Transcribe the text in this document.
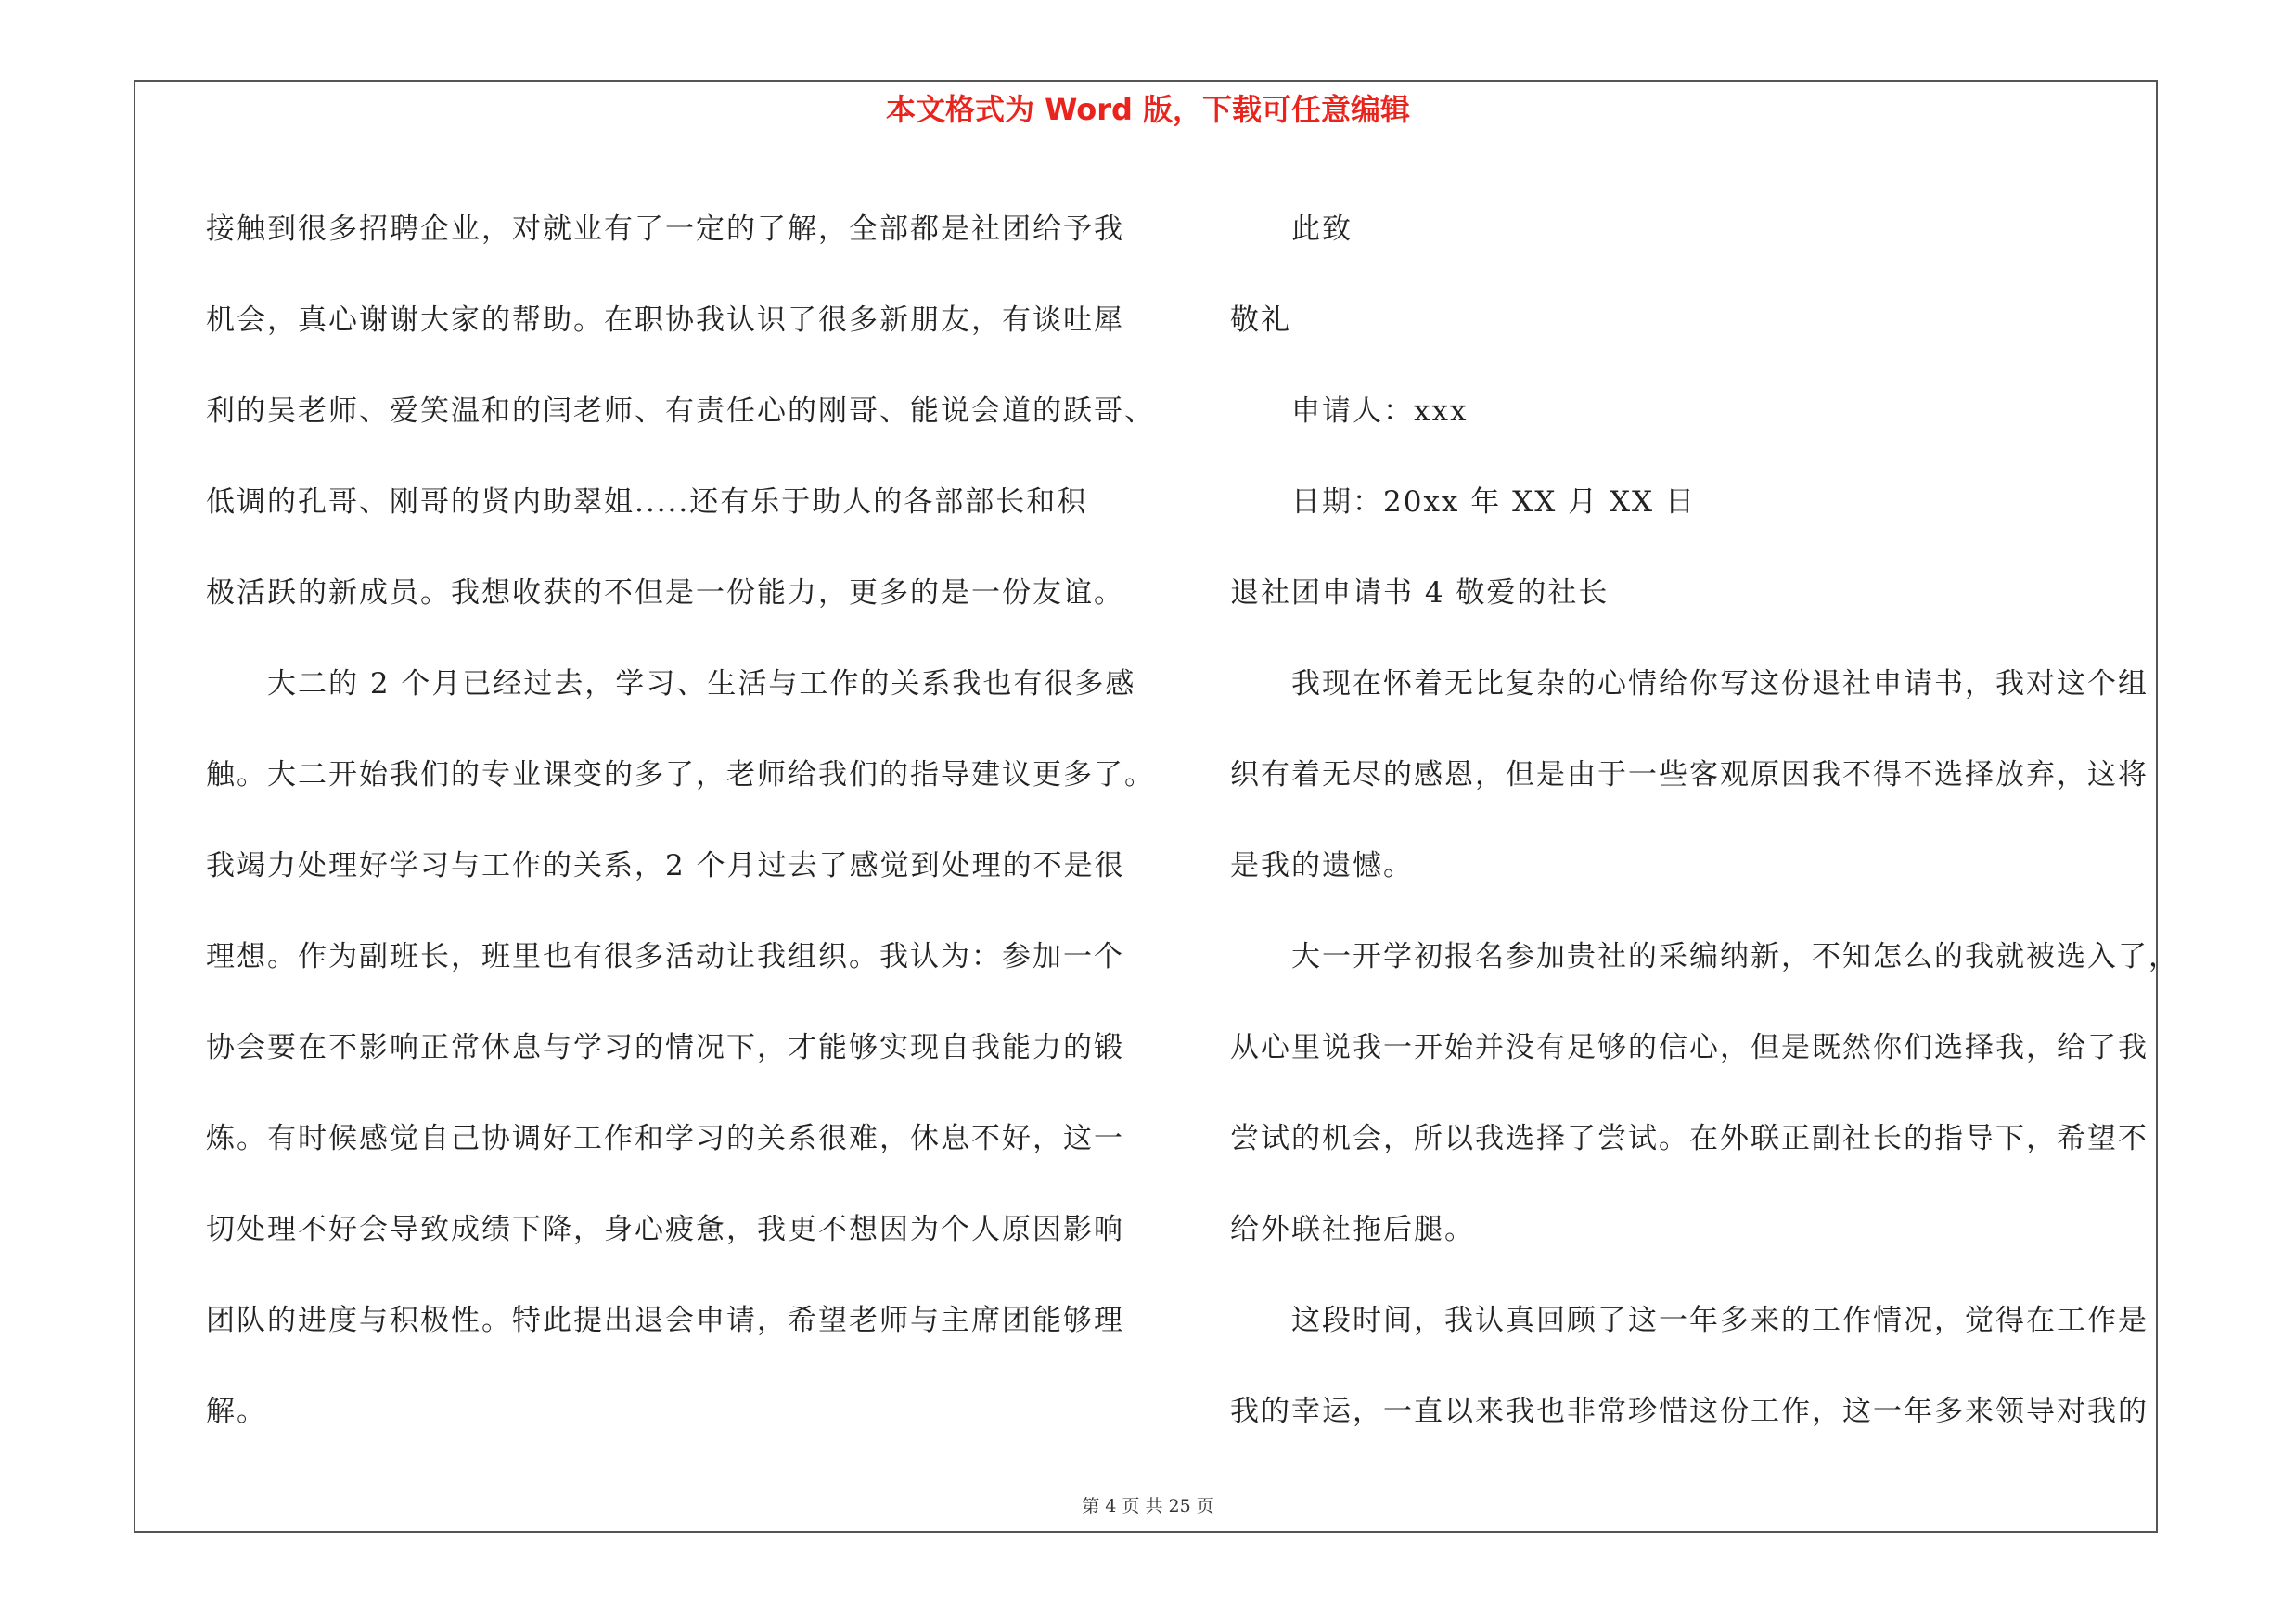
本文格式为 Word 版，下载可任意编辑
接触到很多招聘企业，对就业有了一定的了解，全部都是社团给予我
机会，真心谢谢大家的帮助。在职协我认识了很多新朋友，有谈吐犀
利的吴老师、爱笑温和的闫老师、有责任心的刚哥、能说会道的跃哥、
低调的孔哥、刚哥的贤内助翠姐.....还有乐于助人的各部部长和积
极活跃的新成员。我想收获的不但是一份能力，更多的是一份友谊。
大二的 2 个月已经过去，学习、生活与工作的关系我也有很多感
触。大二开始我们的专业课变的多了，老师给我们的指导建议更多了。
我竭力处理好学习与工作的关系，2 个月过去了感觉到处理的不是很
理想。作为副班长，班里也有很多活动让我组织。我认为：参加一个
协会要在不影响正常休息与学习的情况下，才能够实现自我能力的锻
炼。有时候感觉自己协调好工作和学习的关系很难，休息不好，这一
切处理不好会导致成绩下降，身心疲惫，我更不想因为个人原因影响
团队的进度与积极性。特此提出退会申请，希望老师与主席团能够理
解。
此致
敬礼
申请人：xxx
日期：20xx 年 XX 月 XX 日
退社团申请书 4 敬爱的社长
我现在怀着无比复杂的心情给你写这份退社申请书，我对这个组
织有着无尽的感恩，但是由于一些客观原因我不得不选择放弃，这将
是我的遗憾。
大一开学初报名参加贵社的采编纳新，不知怎么的我就被选入了，
从心里说我一开始并没有足够的信心，但是既然你们选择我，给了我
尝试的机会，所以我选择了尝试。在外联正副社长的指导下，希望不
给外联社拖后腿。
这段时间，我认真回顾了这一年多来的工作情况，觉得在工作是
我的幸运，一直以来我也非常珍惜这份工作，这一年多来领导对我的
第 4 页 共 25 页
